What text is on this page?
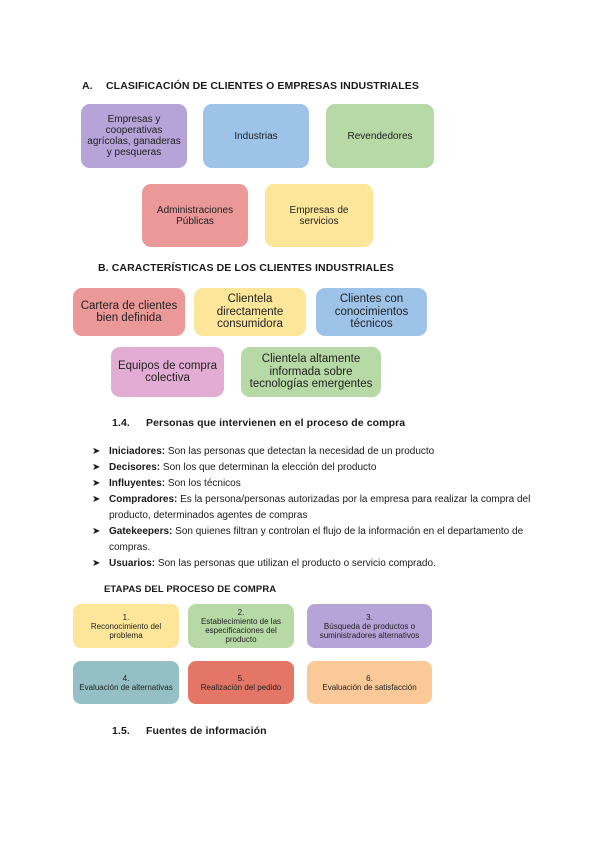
A. CLASIFICACIÓN DE CLIENTES O EMPRESAS INDUSTRIALES
Empresas y cooperativas agrícolas, ganaderas y pesqueras
Industrias	Revendedores
Administraciones Públicas
Empresas de servicios
B. CARACTERÍSTICAS DE LOS CLIENTES INDUSTRIALES
Cartera de clientes bien definida
Clientela directamente consumidora
Clientes con conocimientos técnicos
Equipos de compra colectiva
Clientela altamente informada sobre tecnologías emergentes
1.4. Personas que intervienen en el proceso de compra
➤ Iniciadores: Son las personas que detectan la necesidad de un producto
➤ Decisores: Son los que determinan la elección del producto
➤ Influyentes: Son los técnicos
➤ Compradores: Es la persona/personas autorizadas por la empresa para realizar la compra del producto, determinados agentes de compras
➤ Gatekeepers: Son quienes filtran y controlan el flujo de la información en el departamento de compras.
➤ Usuarios: Son las personas que utilizan el producto o servicio comprado.
ETAPAS DEL PROCESO DE COMPRA
1.
Reconocimiento del problema
2.
Establecimiento de las especificaciones del producto
3.
Búsqueda de productos o suministradores alternativos
4.
Evaluación de alternativas
5.
Realización del pedido
6.
Evaluación de satisfacción
1.5. Fuentes de información
